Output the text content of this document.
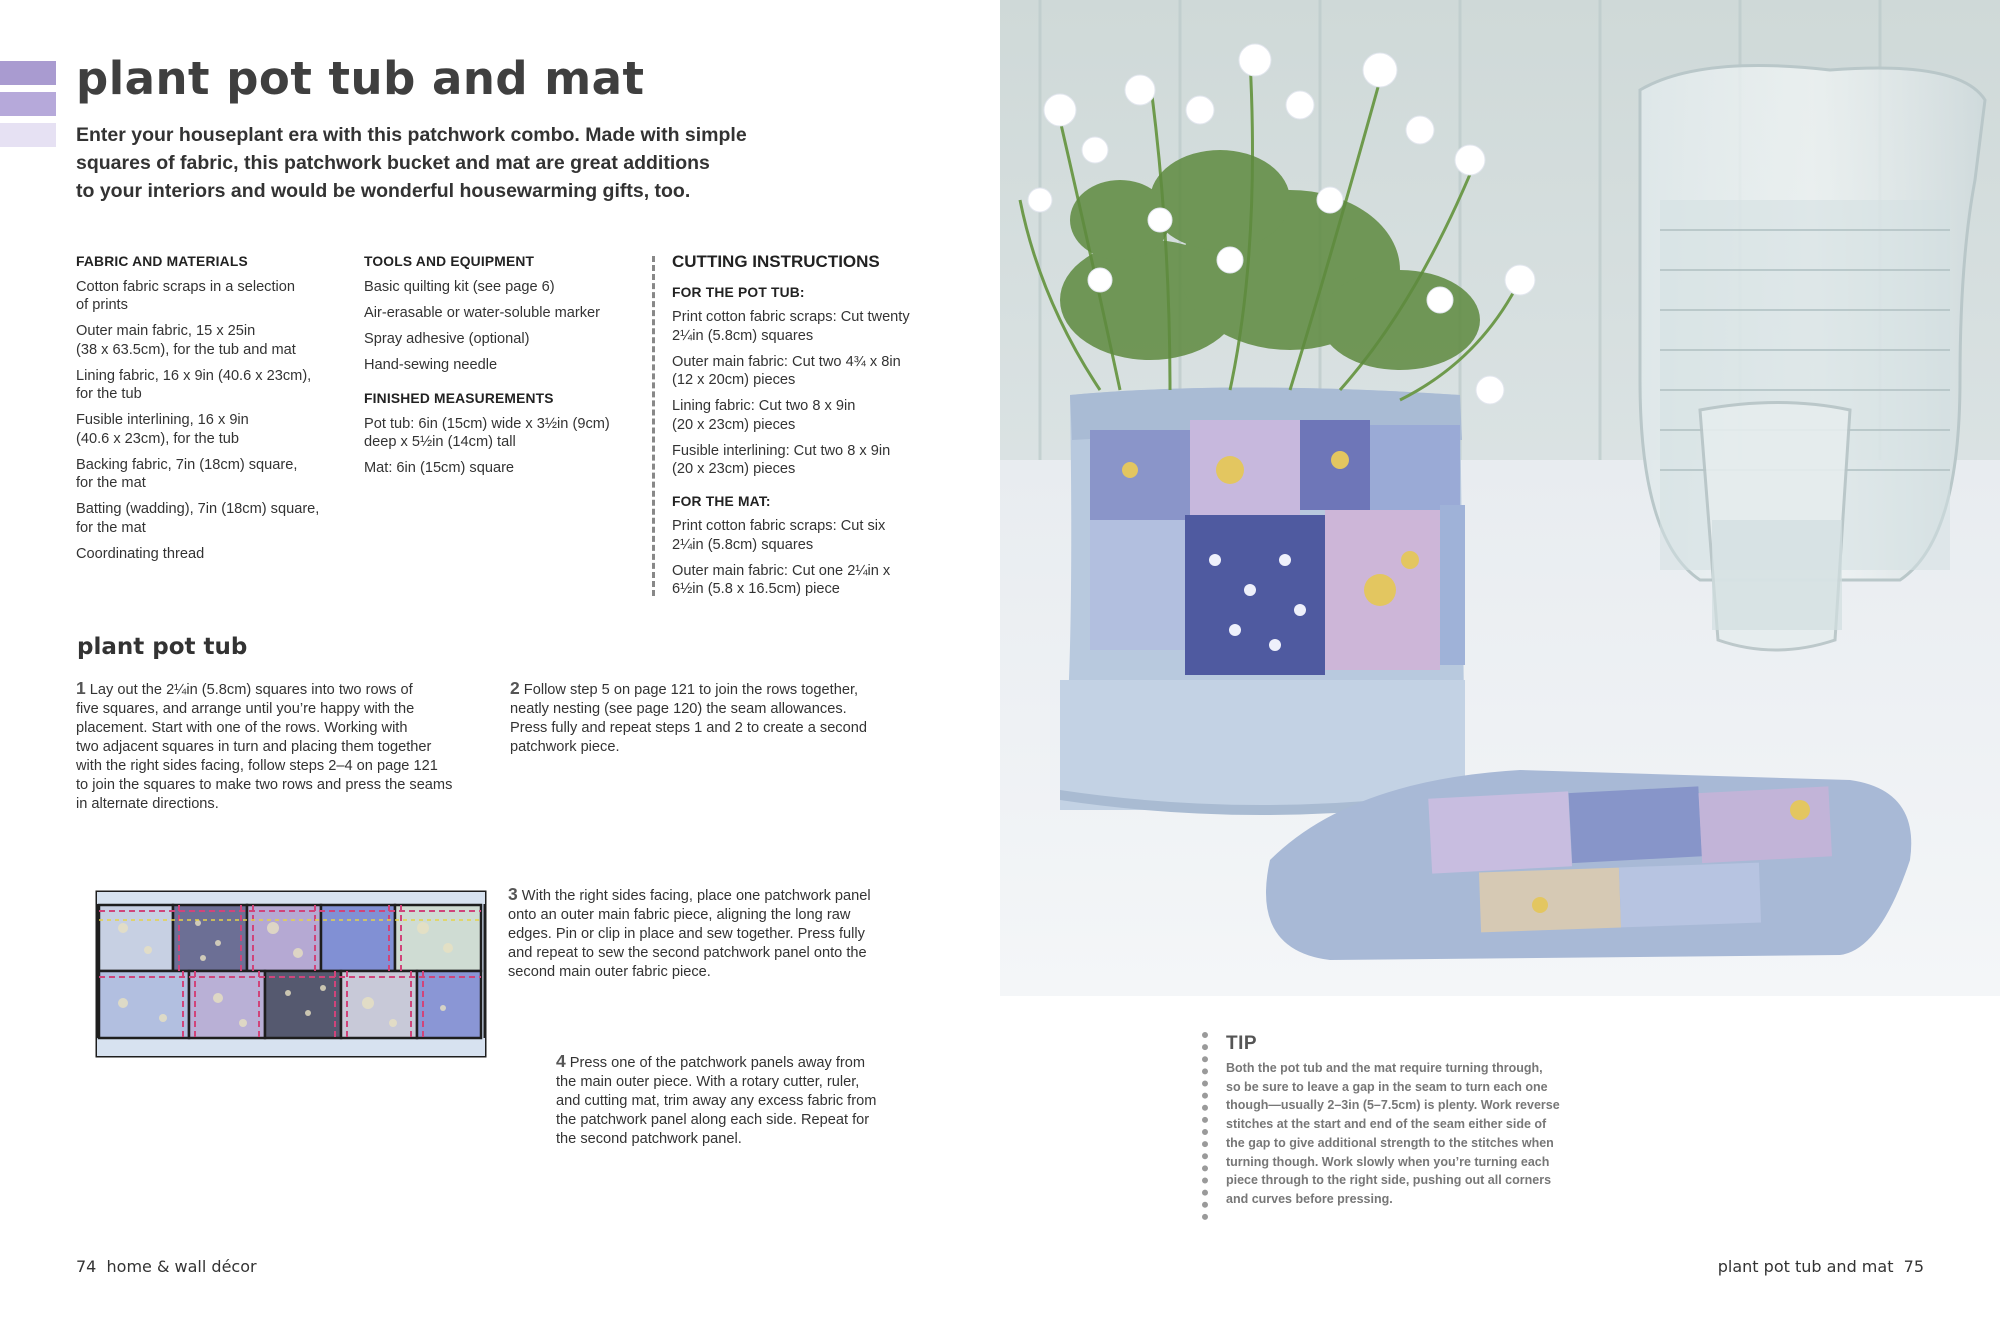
plant pot tub and mat
Enter your houseplant era with this patchwork combo. Made with simple
squares of fabric, this patchwork bucket and mat are great additions
to your interiors and would be wonderful housewarming gifts, too.
FABRIC AND MATERIALS
Cotton fabric scraps in a selection
of prints
Outer main fabric, 15 x 25in
(38 x 63.5cm), for the tub and mat
Lining fabric, 16 x 9in (40.6 x 23cm),
for the tub
Fusible interlining, 16 x 9in
(40.6 x 23cm), for the tub
Backing fabric, 7in (18cm) square,
for the mat
Batting (wadding), 7in (18cm) square,
for the mat
Coordinating thread
TOOLS AND EQUIPMENT
Basic quilting kit (see page 6)
Air-erasable or water-soluble marker
Spray adhesive (optional)
Hand-sewing needle
FINISHED MEASUREMENTS
Pot tub: 6in (15cm) wide x 3½in (9cm)
deep x 5½in (14cm) tall
Mat: 6in (15cm) square
CUTTING INSTRUCTIONS
FOR THE POT TUB:
Print cotton fabric scraps: Cut twenty
2¼in (5.8cm) squares
Outer main fabric: Cut two 4¾ x 8in
(12 x 20cm) pieces
Lining fabric: Cut two 8 x 9in
(20 x 23cm) pieces
Fusible interlining: Cut two 8 x 9in
(20 x 23cm) pieces
FOR THE MAT:
Print cotton fabric scraps: Cut six
2¼in (5.8cm) squares
Outer main fabric: Cut one 2¼in x
6½in (5.8 x 16.5cm) piece
plant pot tub
1 Lay out the 2¼in (5.8cm) squares into two rows of
five squares, and arrange until you’re happy with the
placement. Start with one of the rows. Working with
two adjacent squares in turn and placing them together
with the right sides facing, follow steps 2–4 on page 121
to join the squares to make two rows and press the seams
in alternate directions.
2 Follow step 5 on page 121 to join the rows together,
neatly nesting (see page 120) the seam allowances.
Press fully and repeat steps 1 and 2 to create a second
patchwork piece.
3 With the right sides facing, place one patchwork panel
onto an outer main fabric piece, aligning the long raw
edges. Pin or clip in place and sew together. Press fully
and repeat to sew the second patchwork panel onto the
second main outer fabric piece.
4 Press one of the patchwork panels away from
the main outer piece. With a rotary cutter, ruler,
and cutting mat, trim away any excess fabric from
the patchwork panel along each side. Repeat for
the second patchwork panel.
74 home & wall décor
TIP

Both the pot tub and the mat require turning through,
so be sure to leave a gap in the seam to turn each one
though—usually 2–3in (5–7.5cm) is plenty. Work reverse
stitches at the start and end of the seam either side of
the gap to give additional strength to the stitches when
turning though. Work slowly when you’re turning each
piece through to the right side, pushing out all corners
and curves before pressing.

plant pot tub and mat 75
